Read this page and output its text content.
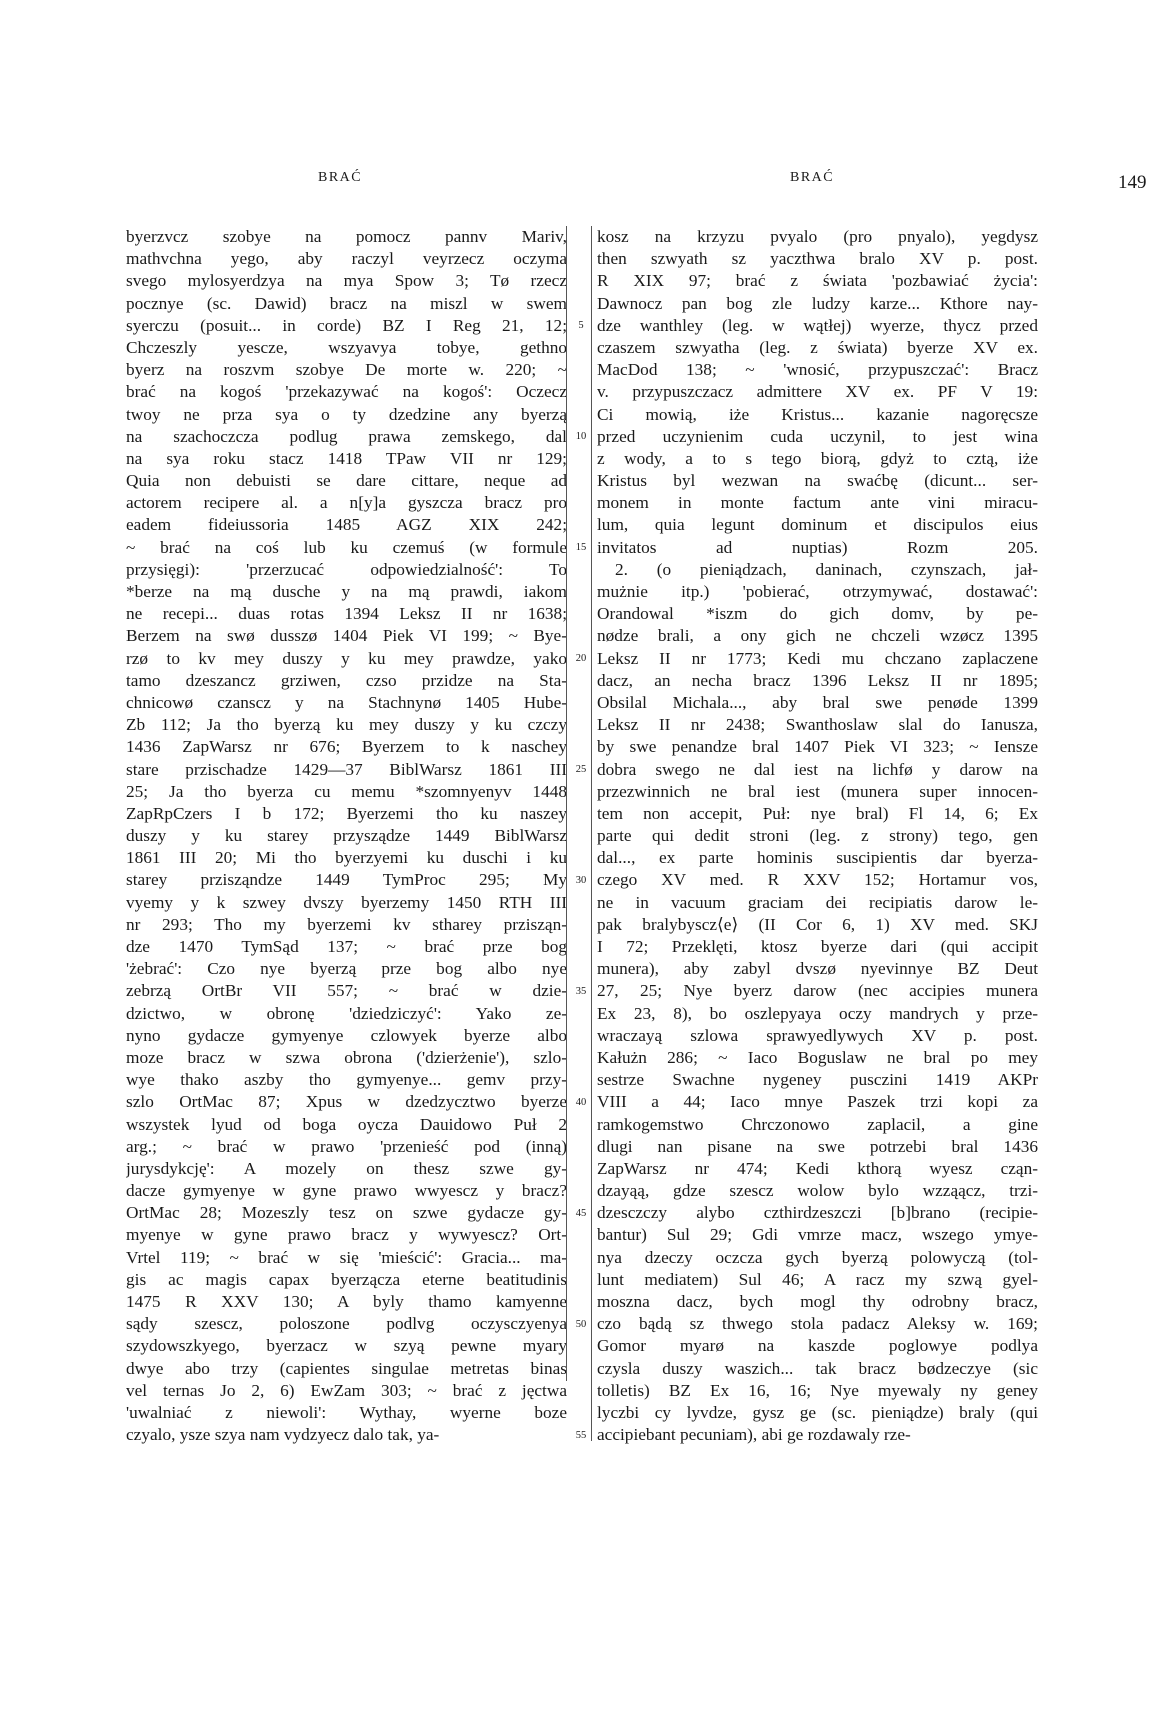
BRAĆ	BRAĆ	149
byerzvcz szobye na pomocz pannv Mariv,
mathvchna yego, aby raczyl veyrzecz oczyma
svego mylosyerdzya na mya Spow 3; Tø rzecz
pocznye (sc. Dawid) bracz na miszl w swem
syerczu (posuit... in corde) BZ I Reg 21, 12;
Chczeszly yescze, wszyavya tobye, gethno
byerz na roszvm szobye De morte w. 220; ~
brać na kogoś 'przekazywać na kogoś': Oczecz
twoy ne prza sya o ty dzedzine any byerzą
na szachoczcza podlug prawa zemskego, dal
na sya roku stacz 1418 TPaw VII nr 129;
Quia non debuisti se dare cittare, neque ad
actorem recipere al. a n[y]a gyszcza bracz pro
eadem fideiussoria 1485 AGZ XIX 242;
~ brać na coś lub ku czemuś (w formule
przysięgi): 'przerzucać odpowiedzialność': To
*berze na mą dusche y na mą prawdi, iakom
ne recepi... duas rotas 1394 Leksz II nr 1638;
Berzem na swø dusszø 1404 Piek VI 199; ~ Bye-
rzø to kv mey duszy y ku mey prawdze, yako
tamo dzeszancz grziwen, czso przidze na Sta-
chnicowø czanscz y na Stachnynø 1405 Hube-
Zb 112; Ja tho byerzą ku mey duszy y ku czczy
1436 ZapWarsz nr 676; Byerzem to k naschey
stare przischadze 1429—37 BiblWarsz 1861 III
25; Ja tho byerza cu memu *szomnyenyv 1448
ZapRpCzers I b 172; Byerzemi tho ku naszey
duszy y ku starey przysządze 1449 BiblWarsz
1861 III 20; Mi tho byerzyemi ku duschi i ku
starey przisząndze 1449 TymProc 295; My
vyemy y k szwey dvszy byerzemy 1450 RTH III
nr 293; Tho my byerzemi kv stharey przisząn-
dze 1470 TymSąd 137; ~ brać prze bog
'żebrać': Czo nye byerzą prze bog albo nye
zebrzą OrtBr VII 557; ~ brać w dzie-
dzictwo, w obronę 'dziedziczyć': Yako ze-
nyno gydacze gymyenye czlowyek byerze albo
moze bracz w szwa obrona ('dzierżenie'), szlo-
wye thako aszby tho gymyenye... gemv przy-
szlo OrtMac 87; Xpus w dzedzycztwo byerze
wszystek lyud od boga oycza Dauidowo Puł 2
arg.; ~ brać w prawo 'przenieść pod (inną)
jurysdykcję': A mozely on thesz szwe gy-
dacze gymyenye w gyne prawo wwyescz y bracz?
OrtMac 28; Mozeszly tesz on szwe gydacze gy-
myenye w gyne prawo bracz y wywyescz? Ort-
Vrtel 119; ~ brać w się 'mieścić': Gracia... ma-
gis ac magis capax byerzącza eterne beatitudinis
1475 R XXV 130; A byly thamo kamyenne
sądy szescz, poloszone podlvg oczysczyenya
szydowszkyego, byerzacz w szyą pewne myary
dwye abo trzy (capientes singulae metretas binas
vel ternas Jo 2, 6) EwZam 303; ~ brać z jęctwa
'uwalniać z niewoli': Wythay, wyerne boze
czyalo, ysze szya nam vydzyecz dalo tak, ya-
5
10
15
20
25
30
35
40
45
50
55
kosz na krzyzu pvyalo (pro pnyalo), yegdysz
then szwyath sz yaczthwa bralo XV p. post.
R XIX 97; brać z świata 'pozbawiać życia':
Dawnocz pan bog zle ludzy karze... Kthore nay-
dze wanthley (leg. w wątłej) wyerze, thycz przed
czaszem szwyatha (leg. z świata) byerze XV ex.
MacDod 138; ~ 'wnosić, przypuszczać': Bracz
v. przypuszczacz admittere XV ex. PF V 19:
Ci mowią, iże Kristus... kazanie nagoręcsze
przed uczynienim cuda uczynil, to jest wina
z wody, a to s tego biorą, gdyż to cztą, iże
Kristus byl wezwan na swaćbę (dicunt... ser-
monem in monte factum ante vini miracu-
lum, quia legunt dominum et discipulos eius
invitatos ad nuptias) Rozm 205.
2. (o pieniądzach, daninach, czynszach, jał-
mużnie itp.) 'pobierać, otrzymywać, dostawać':
Orandowal *iszm do gich domv, by pe-
nødze brali, a ony gich ne chczeli wzøcz 1395
Leksz II nr 1773; Kedi mu chczano zaplaczene
dacz, an necha bracz 1396 Leksz II nr 1895;
Obsilal Michala..., aby bral swe penøde 1399
Leksz II nr 2438; Swanthoslaw slal do Ianusza,
by swe penandze bral 1407 Piek VI 323; ~ Iensze
dobra swego ne dal iest na lichfø y darow na
przezwinnich ne bral iest (munera super innocen-
tem non accepit, Puł: nye bral) Fl 14, 6; Ex
parte qui dedit stroni (leg. z strony) tego, gen
dal..., ex parte hominis suscipientis dar byerza-
czego XV med. R XXV 152; Hortamur vos,
ne in vacuum graciam dei recipiatis darow le-
pak bralybyscz⟨e⟩ (II Cor 6, 1) XV med. SKJ
I 72; Przeklęti, ktosz byerze dari (qui accipit
munera), aby zabyl dvszø nyevinnye BZ Deut
27, 25; Nye byerz darow (nec accipies munera
Ex 23, 8), bo oszlepyaya oczy mandrych y prze-
wraczayą szlowa sprawyedlywych XV p. post.
Kałużn 286; ~ Iaco Boguslaw ne bral po mey
sestrze Swachne nygeney pusczini 1419 AKPr
VIII a 44; Iaco mnye Paszek trzi kopi za
ramkogemstwo Chrczonowo zaplacil, a gine
dlugi nan pisane na swe potrzebi bral 1436
ZapWarsz nr 474; Kedi kthorą wyesz cząn-
dzayąą, gdze szescz wolow bylo wzząącz, trzi-
dzesczczy alybo czthirdzeszczi [b]brano (recipie-
bantur) Sul 29; Gdi vmrze macz, wszego ymye-
nya dzeczy oczcza gych byerzą polowyczą (tol-
lunt mediatem) Sul 46; A racz my szwą gyel-
moszna dacz, bych mogl thy odrobny bracz,
czo bądą sz thwego stola padacz Aleksy w. 169;
Gomor myarø na kaszde poglowye podlya
czysla duszy waszich... tak bracz bødzeczye (sic
tolletis) BZ Ex 16, 16; Nye myewaly ny geney
lyczbi cy lyvdze, gysz ge (sc. pieniądze) braly (qui
accipiebant pecuniam), abi ge rozdawaly rze-
